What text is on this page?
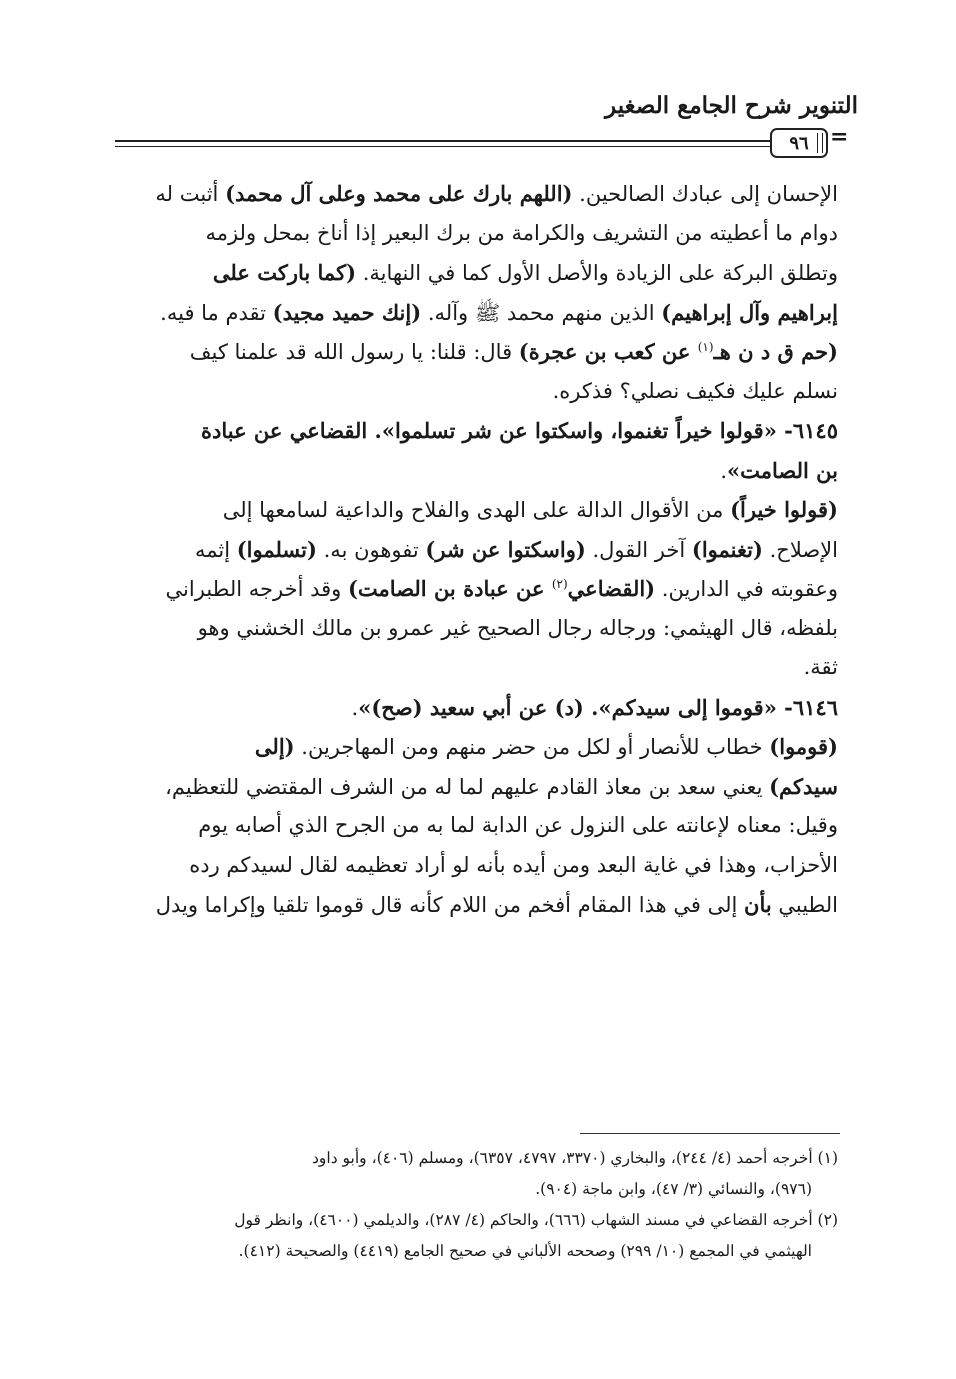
التنوير شرح الجامع الصغير
٩٦ =
الإحسان إلى عبادك الصالحين. (اللهم بارك على محمد وعلى آل محمد) أثبت له
دوام ما أعطيته من التشريف والكرامة من برك البعير إذا أناخ بمحل ولزمه
وتطلق البركة على الزيادة والأصل الأول كما في النهاية. (كما باركت على
إبراهيم وآل إبراهيم) الذين منهم محمد ﷺ وآله. (إنك حميد مجيد) تقدم ما فيه.
(حم ق د ن هـ$^{(١)}$ عن كعب بن عجرة) قال: قلنا: يا رسول الله قد علمنا كيف
نسلم عليك فكيف نصلي؟ فذكره.
٦١٤٥- «قولوا خيراً تغنموا، واسكتوا عن شر تسلموا». القضاعي عن عبادة
بن الصامت».
(قولوا خيراً) من الأقوال الدالة على الهدى والفلاح والداعية لسامعها إلى
الإصلاح. (تغنموا) آخر القول. (واسكتوا عن شر) تفوهون به. (تسلموا) إثمه
وعقوبته في الدارين. (القضاعي$^{(٢)}$ عن عبادة بن الصامت) وقد أخرجه الطبراني
بلفظه، قال الهيثمي: ورجاله رجال الصحيح غير عمرو بن مالك الخشني وهو
ثقة.
٦١٤٦- «قوموا إلى سيدكم». (د) عن أبي سعيد (صح)».
(قوموا) خطاب للأنصار أو لكل من حضر منهم ومن المهاجرين. (إلى
سيدكم) يعني سعد بن معاذ القادم عليهم لما له من الشرف المقتضي للتعظيم،
وقيل: معناه لإعانته على النزول عن الدابة لما به من الجرح الذي أصابه يوم
الأحزاب، وهذا في غاية البعد ومن أيده بأنه لو أراد تعظيمه لقال لسيدكم رده
الطيبي بأن إلى في هذا المقام أفخم من اللام كأنه قال قوموا تلقيا وإكراما ويدل
(١) أخرجه أحمد (٤/ ٢٤٤)، والبخاري (٣٣٧٠، ٤٧٩٧، ٦٣٥٧)، ومسلم (٤٠٦)، وأبو داود
(٩٧٦)، والنسائي (٣/ ٤٧)، وابن ماجة (٩٠٤).
(٢) أخرجه القضاعي في مسند الشهاب (٦٦٦)، والحاكم (٤/ ٢٨٧)، والديلمي (٤٦٠٠)، وانظر قول
الهيثمي في المجمع (١٠/ ٢٩٩) وصححه الألباني في صحيح الجامع (٤٤١٩) والصحيحة (٤١٢).
